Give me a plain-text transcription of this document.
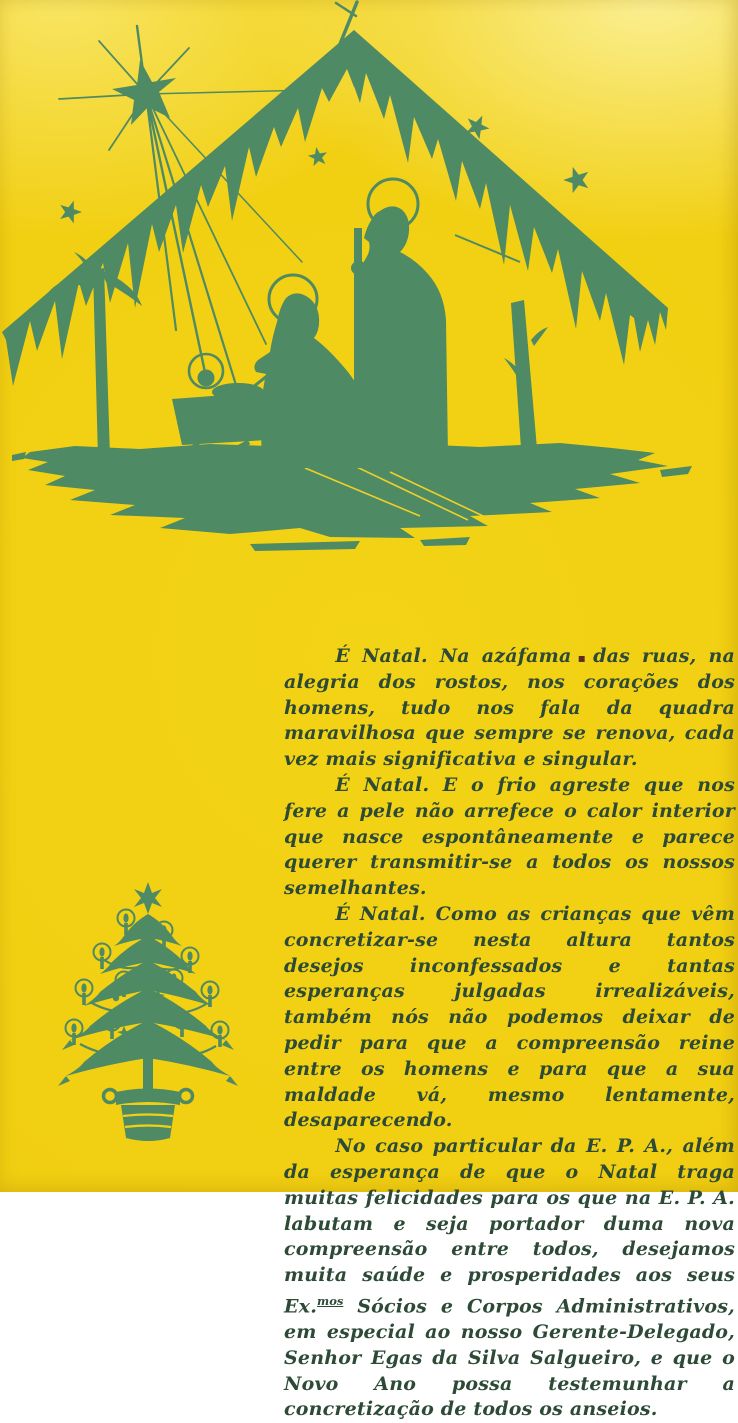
É Natal. Na azáfama▪ das ruas, na alegria dos rostos, nos corações dos homens, tudo nos fala da quadra maravilhosa que sempre se renova, cada vez mais significativa e singular.

É Natal. E o frio agreste que nos fere a pele não arrefece o calor interior que nasce espontâneamente e parece querer transmitir-se a todos os nossos semelhantes.

É Natal. Como as crianças que vêm concretizar-se nesta altura tantos desejos inconfessados e tantas esperanças julgadas irrealizáveis, também nós não podemos deixar de pedir para que a compreensão reine entre os homens e para que a sua maldade vá, mesmo lentamente, desaparecendo.

No caso particular da E. P. A., além da esperança de que o Natal traga muitas felicidades para os que na E. P. A. labutam e seja portador duma nova compreensão entre todos, desejamos muita saúde e prosperidades aos seus Ex.$^{mos}$ Sócios e Corpos Administrativos, em especial ao nosso Gerente-Delegado, Senhor Egas da Silva Salgueiro, e que o Novo Ano possa testemunhar a concretização de todos os anseios.
